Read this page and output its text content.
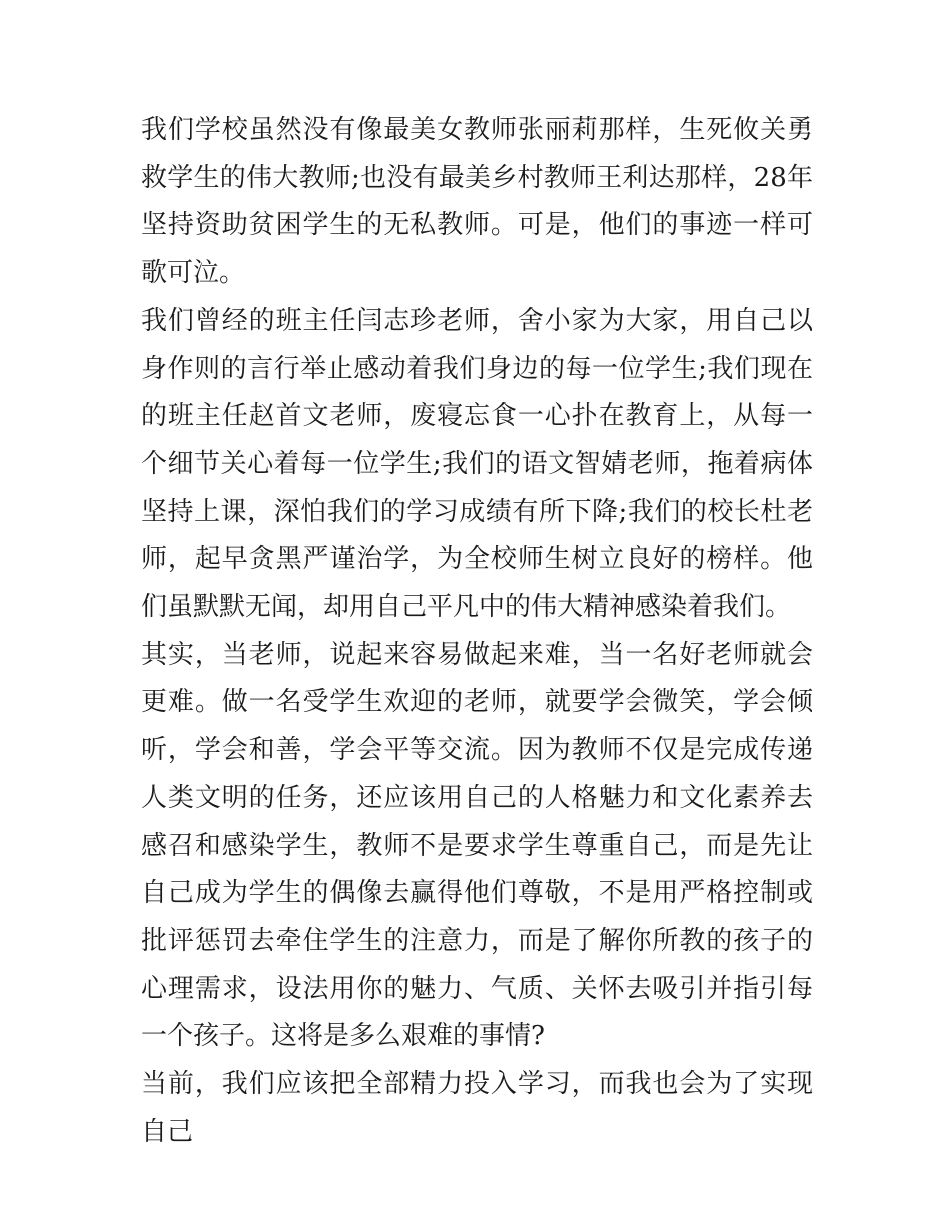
我们学校虽然没有像最美女教师张丽莉那样，生死攸关勇救学生的伟大教师;也没有最美乡村教师王利达那样，28年坚持资助贫困学生的无私教师。可是，他们的事迹一样可歌可泣。

我们曾经的班主任闫志珍老师，舍小家为大家，用自己以身作则的言行举止感动着我们身边的每一位学生;我们现在的班主任赵首文老师，废寝忘食一心扑在教育上，从每一个细节关心着每一位学生;我们的语文智婧老师，拖着病体坚持上课，深怕我们的学习成绩有所下降;我们的校长杜老师，起早贪黑严谨治学，为全校师生树立良好的榜样。他们虽默默无闻，却用自己平凡中的伟大精神感染着我们。

其实，当老师，说起来容易做起来难，当一名好老师就会更难。做一名受学生欢迎的老师，就要学会微笑，学会倾听，学会和善，学会平等交流。因为教师不仅是完成传递人类文明的任务，还应该用自己的人格魅力和文化素养去感召和感染学生，教师不是要求学生尊重自己，而是先让自己成为学生的偶像去赢得他们尊敬，不是用严格控制或批评惩罚去牵住学生的注意力，而是了解你所教的孩子的心理需求，设法用你的魅力、气质、关怀去吸引并指引每一个孩子。这将是多么艰难的事情?

当前，我们应该把全部精力投入学习，而我也会为了实现自己
